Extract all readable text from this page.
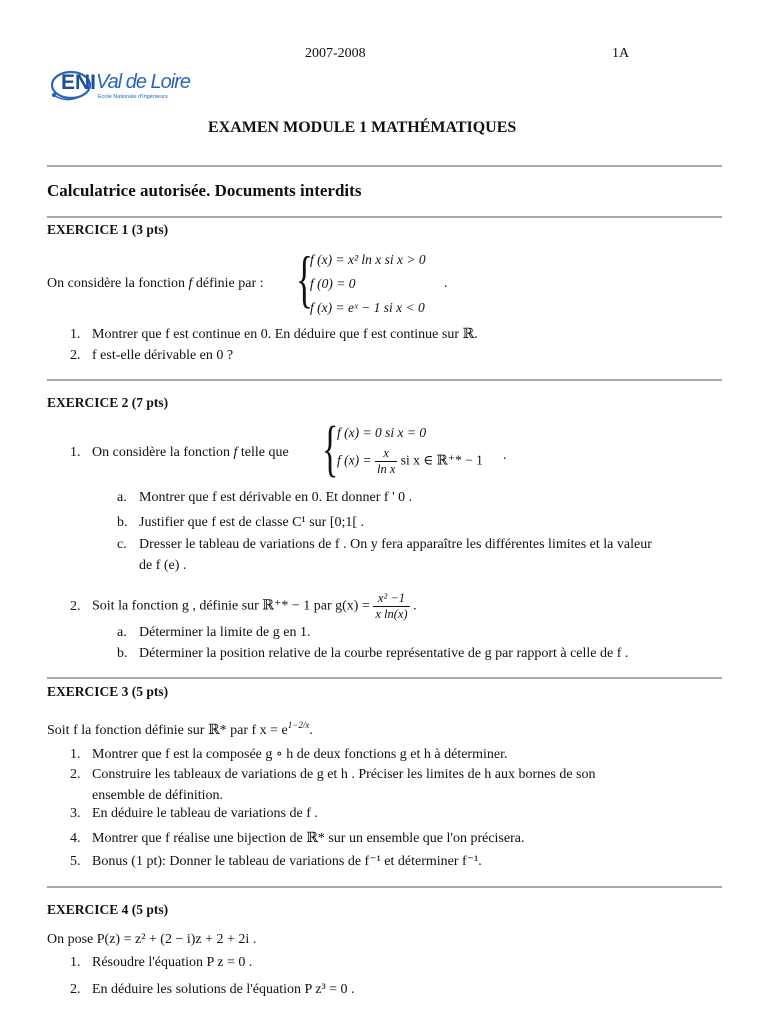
2007-2008	1A
ENI Val de Loire
Ecole Nationale d'Ingénieurs
EXAMEN MODULE 1 MATHÉMATIQUES
Calculatrice autorisée. Documents interdits
EXERCICE 1 (3 pts)
On considère la fonction f définie par : {
f (x) = x² ln x si x > 0
f (0) = 0
f (x) = eˣ − 1 si x < 0
.
1. Montrer que f est continue en 0. En déduire que f est continue sur ℝ.
2. f est-elle dérivable en 0 ?
EXERCICE 2 (7 pts)
1. On considère la fonction f telle que {
f (x) = 0 si x = 0
f $(x) = \frac{x}{\text{ln x}}$ si x ∈ ℝ⁺* − 1 .
a. Montrer que f est dérivable en 0. Et donner f ' 0 .
b. Justifier que f est de classe C¹ sur [0;1[ .
c. Dresser le tableau de variations de f . On y fera apparaître les différentes limites et la valeur
de f (e) .
2. Soit la fonction g , définie sur ℝ⁺* − 1 par $g(x) = \frac{\text{x² −1}}{\text{x ln(x)}}$ .
a. Déterminer la limite de g en 1.
b. Déterminer la position relative de la courbe représentative de g par rapport à celle de f .
EXERCICE 3 (5 pts)
Soit f la fonction définie sur ℝ* par f $x = e^{1-2/x}$.
1. Montrer que f est la composée g ∘ h de deux fonctions g et h à déterminer.
2. Construire les tableaux de variations de g et h . Préciser les limites de h aux bornes de son
ensemble de définition.
3. En déduire le tableau de variations de f .
4. Montrer que f réalise une bijection de ℝ* sur un ensemble que l'on précisera.
5. Bonus (1 pt): Donner le tableau de variations de f⁻¹ et déterminer f⁻¹.
EXERCICE 4 (5 pts)
On pose P(z) = z² + (2 − i)z + 2 + 2i .
1. Résoudre l'équation P z = 0 .
2. En déduire les solutions de l'équation P z³ = 0 .
